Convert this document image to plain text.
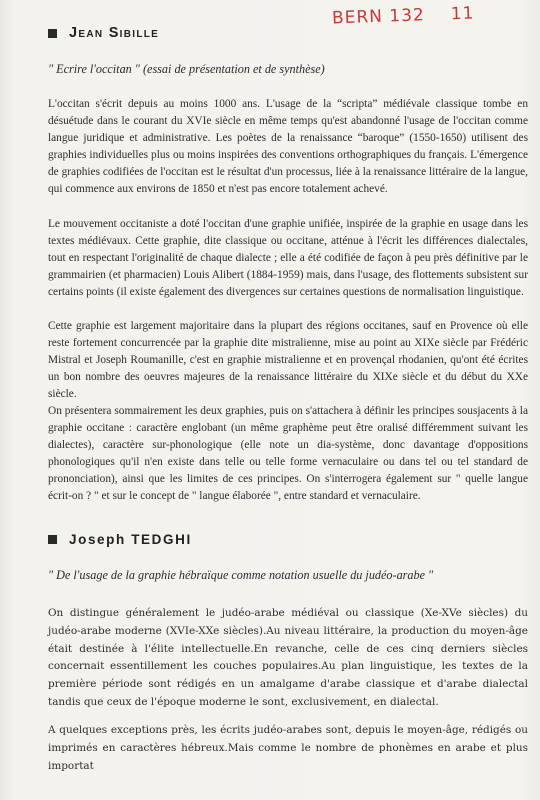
BERN 132 11
Jean Sibille
" Ecrire l'occitan " (essai de présentation et de synthèse)

L'occitan s'écrit depuis au moins 1000 ans. L'usage de la “scripta” médiévale classique tombe en désuétude dans le courant du XVIe siècle en même temps qu'est abandonné l'usage de l'occitan comme langue juridique et administrative. Les poètes de la renaissance “baroque” (1550-1650) utilisent des graphies individuelles plus ou moins inspirées des conventions orthographiques du français. L'émergence de graphies codifiées de l'occitan est le résultat d'un processus, liée à la renaissance littéraire de la langue, qui commence aux environs de 1850 et n'est pas encore totalement achevé.

Le mouvement occitaniste a doté l'occitan d'une graphie unifiée, inspirée de la graphie en usage dans les textes médiévaux. Cette graphie, dite classique ou occitane, atténue à l'écrit les différences dialectales, tout en respectant l'originalité de chaque dialecte ; elle a été codifiée de façon à peu près définitive par le grammairien (et pharmacien) Louis Alibert (1884-1959) mais, dans l'usage, des flottements subsistent sur certains points (il existe également des divergences sur certaines questions de normalisation linguistique.

Cette graphie est largement majoritaire dans la plupart des régions occitanes, sauf en Provence où elle reste fortement concurrencée par la graphie dite mistralienne, mise au point au XIXe siècle par Frédéric Mistral et Joseph Roumanille, c'est en graphie mistralienne et en provençal rhodanien, qu'ont été écrites un bon nombre des oeuvres majeures de la renaissance littéraire du XIXe siècle et du début du XXe siècle.

On présentera sommairement les deux graphies, puis on s'attachera à définir les principes sousjacents à la graphie occitane : caractère englobant (un même graphème peut être oralisé différemment suivant les dialectes), caractère sur-phonologique (elle note un dia-système, donc davantage d'oppositions phonologiques qu'il n'en existe dans telle ou telle forme vernaculaire ou dans tel ou tel standard de prononciation), ainsi que les limites de ces principes. On s'interrogera également sur " quelle langue écrit-on ? " et sur le concept de " langue élaborée ", entre standard et vernaculaire.

Joseph TEDGHI
" De l'usage de la graphie hébraïque comme notation usuelle du judéo-arabe "

On distingue généralement le judéo-arabe médiéval ou classique (Xe-XVe siècles) du judéo-arabe moderne (XVIe-XXe siècles).Au niveau littéraire, la production du moyen-âge était destinée à l'élite intellectuelle.En revanche, celle de ces cinq derniers siècles concernait essentillement les couches populaires.Au plan linguistique, les textes de la première période sont rédigés en un amalgame d'arabe classique et d'arabe dialectal tandis que ceux de l'époque moderne le sont, exclusivement, en dialectal.

A quelques exceptions près, les écrits judéo-arabes sont, depuis le moyen-âge, rédigés ou imprimés en caractères hébreux.Mais comme le nombre de phonèmes en arabe et plus importat
